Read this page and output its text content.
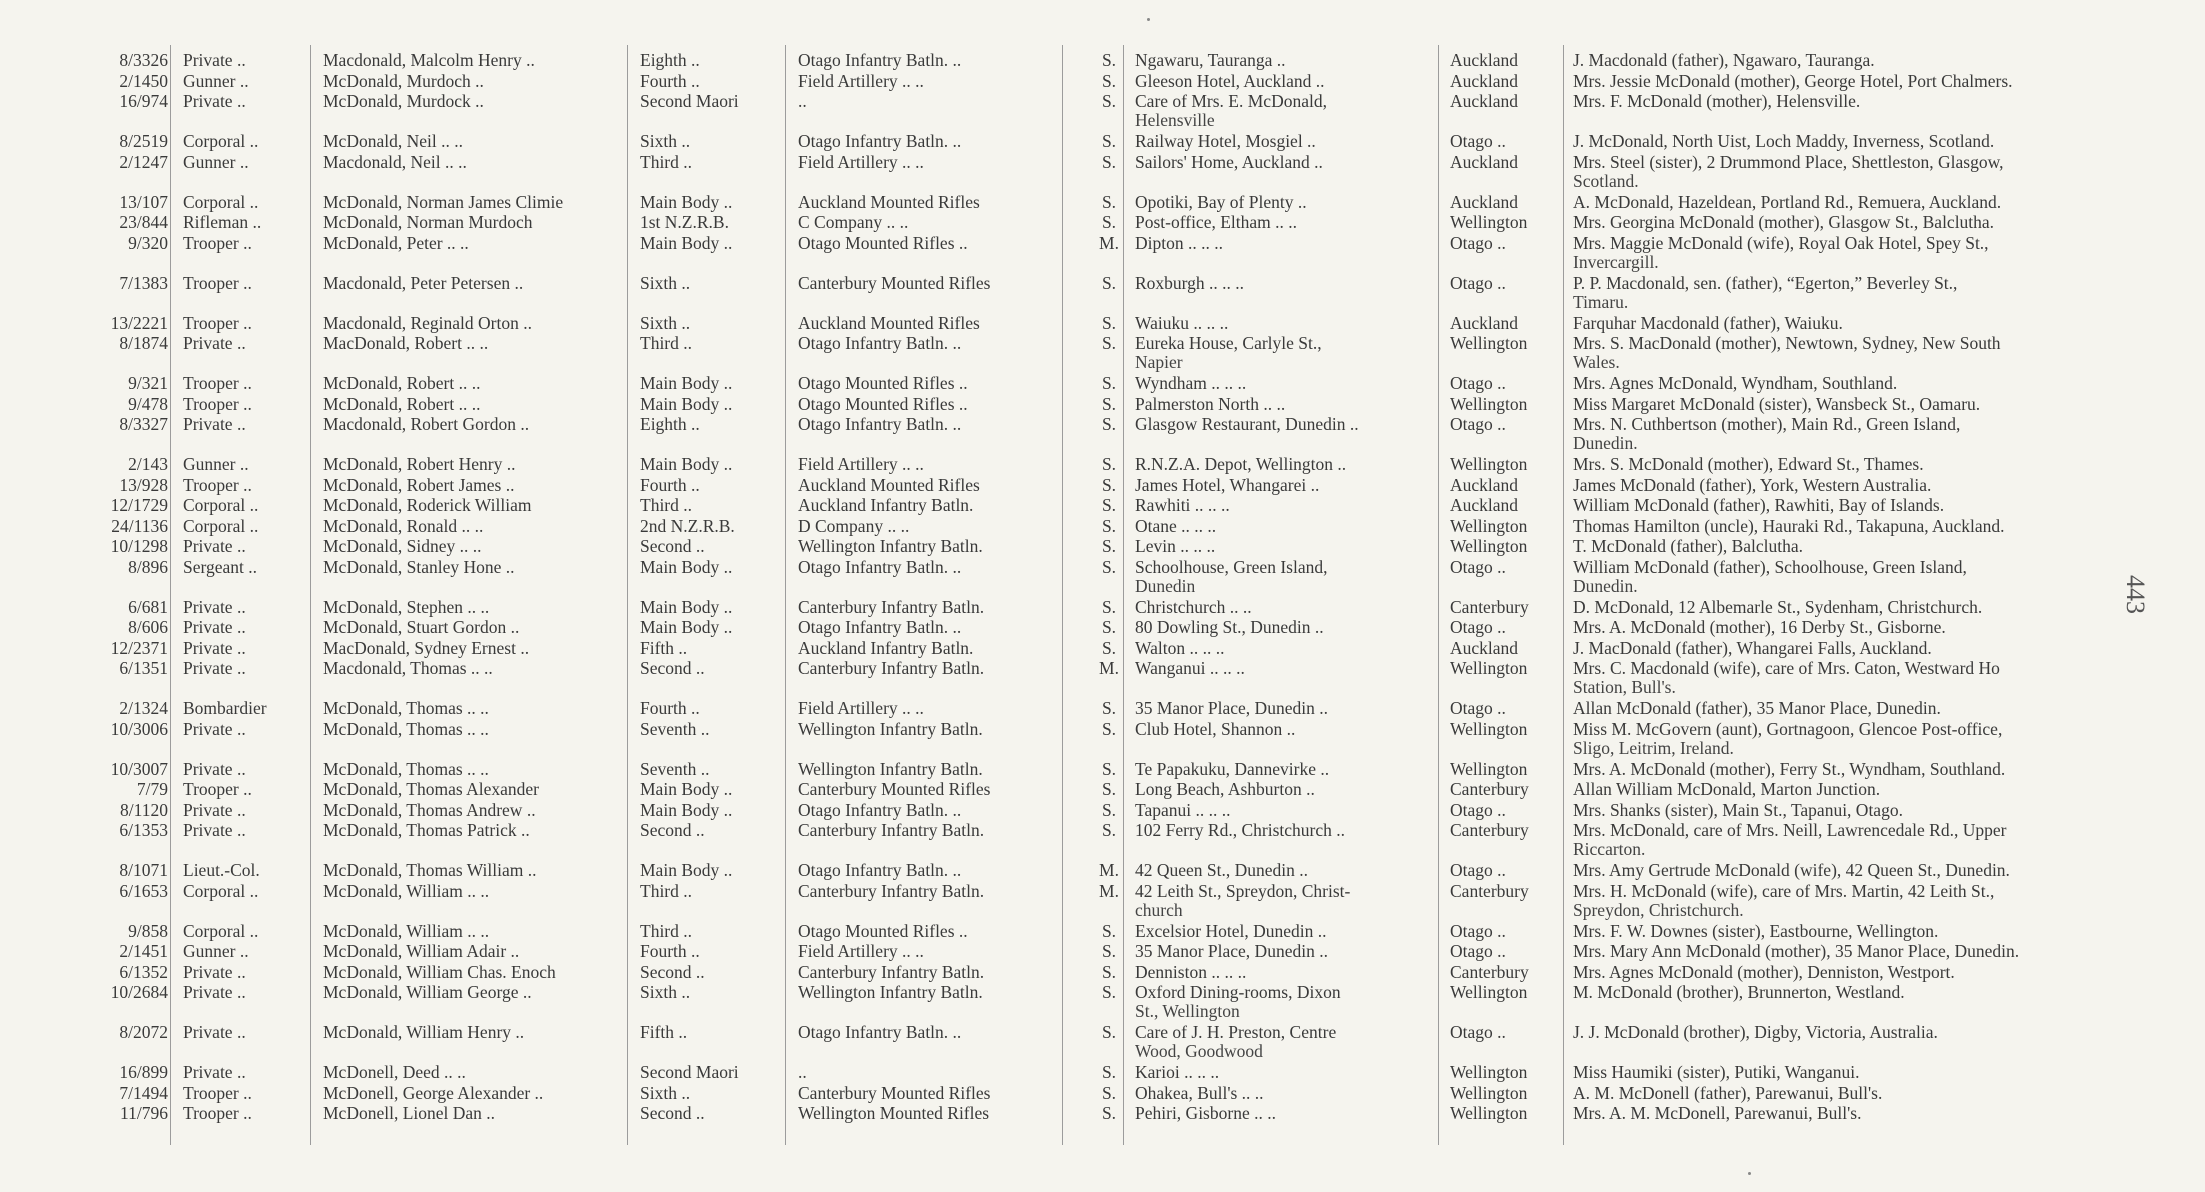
8/3326 Private ..	Macdonald, Malcolm Henry ..	Eighth ..	Otago Infantry Batln. ..	S.	Ngawaru, Tauranga ..	Auckland	J. Macdonald (father), Ngawaro, Tauranga.
2/1450 Gunner ..	McDonald, Murdoch ..	Fourth ..	Field Artillery .. ..	S.	Gleeson Hotel, Auckland ..	Auckland	Mrs. Jessie McDonald (mother), George Hotel, Port Chalmers.
16/974 Private ..	McDonald, Murdock ..	Second Maori	..	S.	Care of Mrs. E. McDonald,	Auckland	Mrs. F. McDonald (mother), Helensville.
Helensville
8/2519 Corporal ..	McDonald, Neil .. ..	Sixth ..	Otago Infantry Batln. ..	S.	Railway Hotel, Mosgiel ..	Otago ..	J. McDonald, North Uist, Loch Maddy, Inverness, Scotland.
2/1247 Gunner ..	Macdonald, Neil .. ..	Third ..	Field Artillery .. ..	S.	Sailors' Home, Auckland ..	Auckland	Mrs. Steel (sister), 2 Drummond Place, Shettleston, Glasgow,
Scotland.
13/107 Corporal ..	McDonald, Norman James Climie	Main Body ..	Auckland Mounted Rifles	S.	Opotiki, Bay of Plenty ..	Auckland	A. McDonald, Hazeldean, Portland Rd., Remuera, Auckland.
23/844 Rifleman ..	McDonald, Norman Murdoch	1st N.Z.R.B.	C Company .. ..	S.	Post-office, Eltham .. ..	Wellington	Mrs. Georgina McDonald (mother), Glasgow St., Balclutha.
9/320 Trooper ..	McDonald, Peter .. ..	Main Body ..	Otago Mounted Rifles ..	M. Dipton .. .. ..	Otago ..	Mrs. Maggie McDonald (wife), Royal Oak Hotel, Spey St.,
Invercargill.
7/1383 Trooper ..	Macdonald, Peter Petersen ..	Sixth ..	Canterbury Mounted Rifles	S.	Roxburgh .. .. ..	Otago ..	P. P. Macdonald, sen. (father), “Egerton,” Beverley St.,
Timaru.
13/2221 Trooper ..	Macdonald, Reginald Orton ..	Sixth ..	Auckland Mounted Rifles	S.	Waiuku .. .. ..	Auckland	Farquhar Macdonald (father), Waiuku.
8/1874 Private ..	MacDonald, Robert .. ..	Third ..	Otago Infantry Batln. ..	S.	Eureka House, Carlyle St.,	Wellington	Mrs. S. MacDonald (mother), Newtown, Sydney, New South
Napier	Wales.
9/321 Trooper ..	McDonald, Robert .. ..	Main Body ..	Otago Mounted Rifles ..	S.	Wyndham .. .. ..	Otago ..	Mrs. Agnes McDonald, Wyndham, Southland.
9/478 Trooper ..	McDonald, Robert .. ..	Main Body ..	Otago Mounted Rifles ..	S.	Palmerston North .. ..	Wellington	Miss Margaret McDonald (sister), Wansbeck St., Oamaru.
8/3327 Private ..	Macdonald, Robert Gordon ..	Eighth ..	Otago Infantry Batln. ..	S.	Glasgow Restaurant, Dunedin ..	Otago ..	Mrs. N. Cuthbertson (mother), Main Rd., Green Island,
Dunedin.
2/143 Gunner ..	McDonald, Robert Henry ..	Main Body ..	Field Artillery .. ..	S.	R.N.Z.A. Depot, Wellington ..	Wellington	Mrs. S. McDonald (mother), Edward St., Thames.
13/928 Trooper ..	McDonald, Robert James ..	Fourth ..	Auckland Mounted Rifles	S.	James Hotel, Whangarei ..	Auckland	James McDonald (father), York, Western Australia.
12/1729 Corporal ..	McDonald, Roderick William	Third ..	Auckland Infantry Batln.	S.	Rawhiti .. .. ..	Auckland	William McDonald (father), Rawhiti, Bay of Islands.
24/1136 Corporal ..	McDonald, Ronald .. ..	2nd N.Z.R.B.	D Company .. ..	S.	Otane .. .. ..	Wellington	Thomas Hamilton (uncle), Hauraki Rd., Takapuna, Auckland.
10/1298 Private ..	McDonald, Sidney .. ..	Second ..	Wellington Infantry Batln.	S.	Levin .. .. ..	Wellington	T. McDonald (father), Balclutha.
8/896 Sergeant ..	McDonald, Stanley Hone ..	Main Body ..	Otago Infantry Batln. ..	S.	Schoolhouse, Green Island,	Otago ..	William McDonald (father), Schoolhouse, Green Island,
Dunedin	Dunedin.
6/681 Private ..	McDonald, Stephen .. ..	Main Body ..	Canterbury Infantry Batln.	S.	Christchurch .. ..	Canterbury	D. McDonald, 12 Albemarle St., Sydenham, Christchurch.
8/606 Private ..	McDonald, Stuart Gordon ..	Main Body ..	Otago Infantry Batln. ..	S.	80 Dowling St., Dunedin ..	Otago ..	Mrs. A. McDonald (mother), 16 Derby St., Gisborne.
12/2371 Private ..	MacDonald, Sydney Ernest ..	Fifth ..	Auckland Infantry Batln.	S.	Walton .. .. ..	Auckland	J. MacDonald (father), Whangarei Falls, Auckland.
6/1351 Private ..	Macdonald, Thomas .. ..	Second ..	Canterbury Infantry Batln.	M. Wanganui .. .. ..	Wellington	Mrs. C. Macdonald (wife), care of Mrs. Caton, Westward Ho
Station, Bull's.
2/1324 Bombardier	McDonald, Thomas .. ..	Fourth ..	Field Artillery .. ..	S.	35 Manor Place, Dunedin ..	Otago ..	Allan McDonald (father), 35 Manor Place, Dunedin.
10/3006 Private ..	McDonald, Thomas .. ..	Seventh ..	Wellington Infantry Batln.	S.	Club Hotel, Shannon ..	Wellington	Miss M. McGovern (aunt), Gortnagoon, Glencoe Post-office,
Sligo, Leitrim, Ireland.
10/3007 Private ..	McDonald, Thomas .. ..	Seventh ..	Wellington Infantry Batln.	S.	Te Papakuku, Dannevirke ..	Wellington	Mrs. A. McDonald (mother), Ferry St., Wyndham, Southland.
7/79 Trooper ..	McDonald, Thomas Alexander	Main Body ..	Canterbury Mounted Rifles	S.	Long Beach, Ashburton ..	Canterbury	Allan William McDonald, Marton Junction.
8/1120 Private ..	McDonald, Thomas Andrew ..	Main Body ..	Otago Infantry Batln. ..	S.	Tapanui .. .. ..	Otago ..	Mrs. Shanks (sister), Main St., Tapanui, Otago.
6/1353 Private ..	McDonald, Thomas Patrick ..	Second ..	Canterbury Infantry Batln.	S.	102 Ferry Rd., Christchurch ..	Canterbury	Mrs. McDonald, care of Mrs. Neill, Lawrencedale Rd., Upper
Riccarton.
8/1071 Lieut.-Col.	McDonald, Thomas William ..	Main Body ..	Otago Infantry Batln. ..	M. 42 Queen St., Dunedin ..	Otago ..	Mrs. Amy Gertrude McDonald (wife), 42 Queen St., Dunedin.
6/1653 Corporal ..	McDonald, William .. ..	Third ..	Canterbury Infantry Batln.	M. 42 Leith St., Spreydon, Christ-	Canterbury	Mrs. H. McDonald (wife), care of Mrs. Martin, 42 Leith St.,
church	Spreydon, Christchurch.
9/858 Corporal ..	McDonald, William .. ..	Third ..	Otago Mounted Rifles ..	S.	Excelsior Hotel, Dunedin ..	Otago ..	Mrs. F. W. Downes (sister), Eastbourne, Wellington.
2/1451 Gunner ..	McDonald, William Adair ..	Fourth ..	Field Artillery .. ..	S.	35 Manor Place, Dunedin ..	Otago ..	Mrs. Mary Ann McDonald (mother), 35 Manor Place, Dunedin.
6/1352 Private ..	McDonald, William Chas. Enoch	Second ..	Canterbury Infantry Batln.	S.	Denniston .. .. ..	Canterbury	Mrs. Agnes McDonald (mother), Denniston, Westport.
10/2684 Private ..	McDonald, William George ..	Sixth ..	Wellington Infantry Batln.	S.	Oxford Dining-rooms, Dixon	Wellington	M. McDonald (brother), Brunnerton, Westland.
St., Wellington
8/2072 Private ..	McDonald, William Henry ..	Fifth ..	Otago Infantry Batln. ..	S.	Care of J. H. Preston, Centre	Otago ..	J. J. McDonald (brother), Digby, Victoria, Australia.
Wood, Goodwood
16/899 Private ..	McDonell, Deed .. ..	Second Maori	..	S.	Karioi .. .. ..	Wellington	Miss Haumiki (sister), Putiki, Wanganui.
7/1494 Trooper ..	McDonell, George Alexander ..	Sixth ..	Canterbury Mounted Rifles	S.	Ohakea, Bull's .. ..	Wellington	A. M. McDonell (father), Parewanui, Bull's.
11/796 Trooper ..	McDonell, Lionel Dan ..	Second ..	Wellington Mounted Rifles	S.	Pehiri, Gisborne .. ..	Wellington	Mrs. A. M. McDonell, Parewanui, Bull's.
443
